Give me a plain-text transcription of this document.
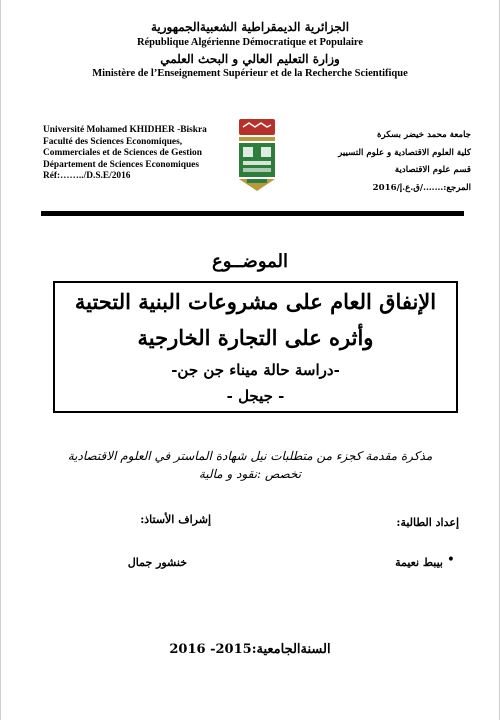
الجزائرية الديمقراطية الشعبيةالجمهورية
République Algérienne Démocratique et Populaire
وزارة التعليم العالي و البحث العلمي
Ministère de l’Enseignement Supérieur et de la Recherche Scientifique
Université Mohamed KHIDHER -Biskra
Faculté des Sciences Economiques,
Commerciales et de Sciences de Gestion
Département de Sciences Economiques
Réf:……../D.S.E/2016
جامعة محمد خيضر بسكرة
كلية العلوم الاقتصادية و علوم التسيير
قسم علوم الاقتصادية
المرجع:……./ق.ع.إ/2016
الموضــوع
الإنفاق العام على مشروعات البنية التحتية
وأثره على التجارة الخارجية
-دراسة حالة ميناء جن جن-
- جيجل -
مذكرة مقدمة كجزء من متطلبات نيل شهادة الماستر في العلوم الاقتصادية
تخصص :نقود و مالية
إعداد الطالبة:
إشراف الأستاذ:
•
بيبط نعيمة
خنشور جمال
السنةالجامعية:2015- 2016
